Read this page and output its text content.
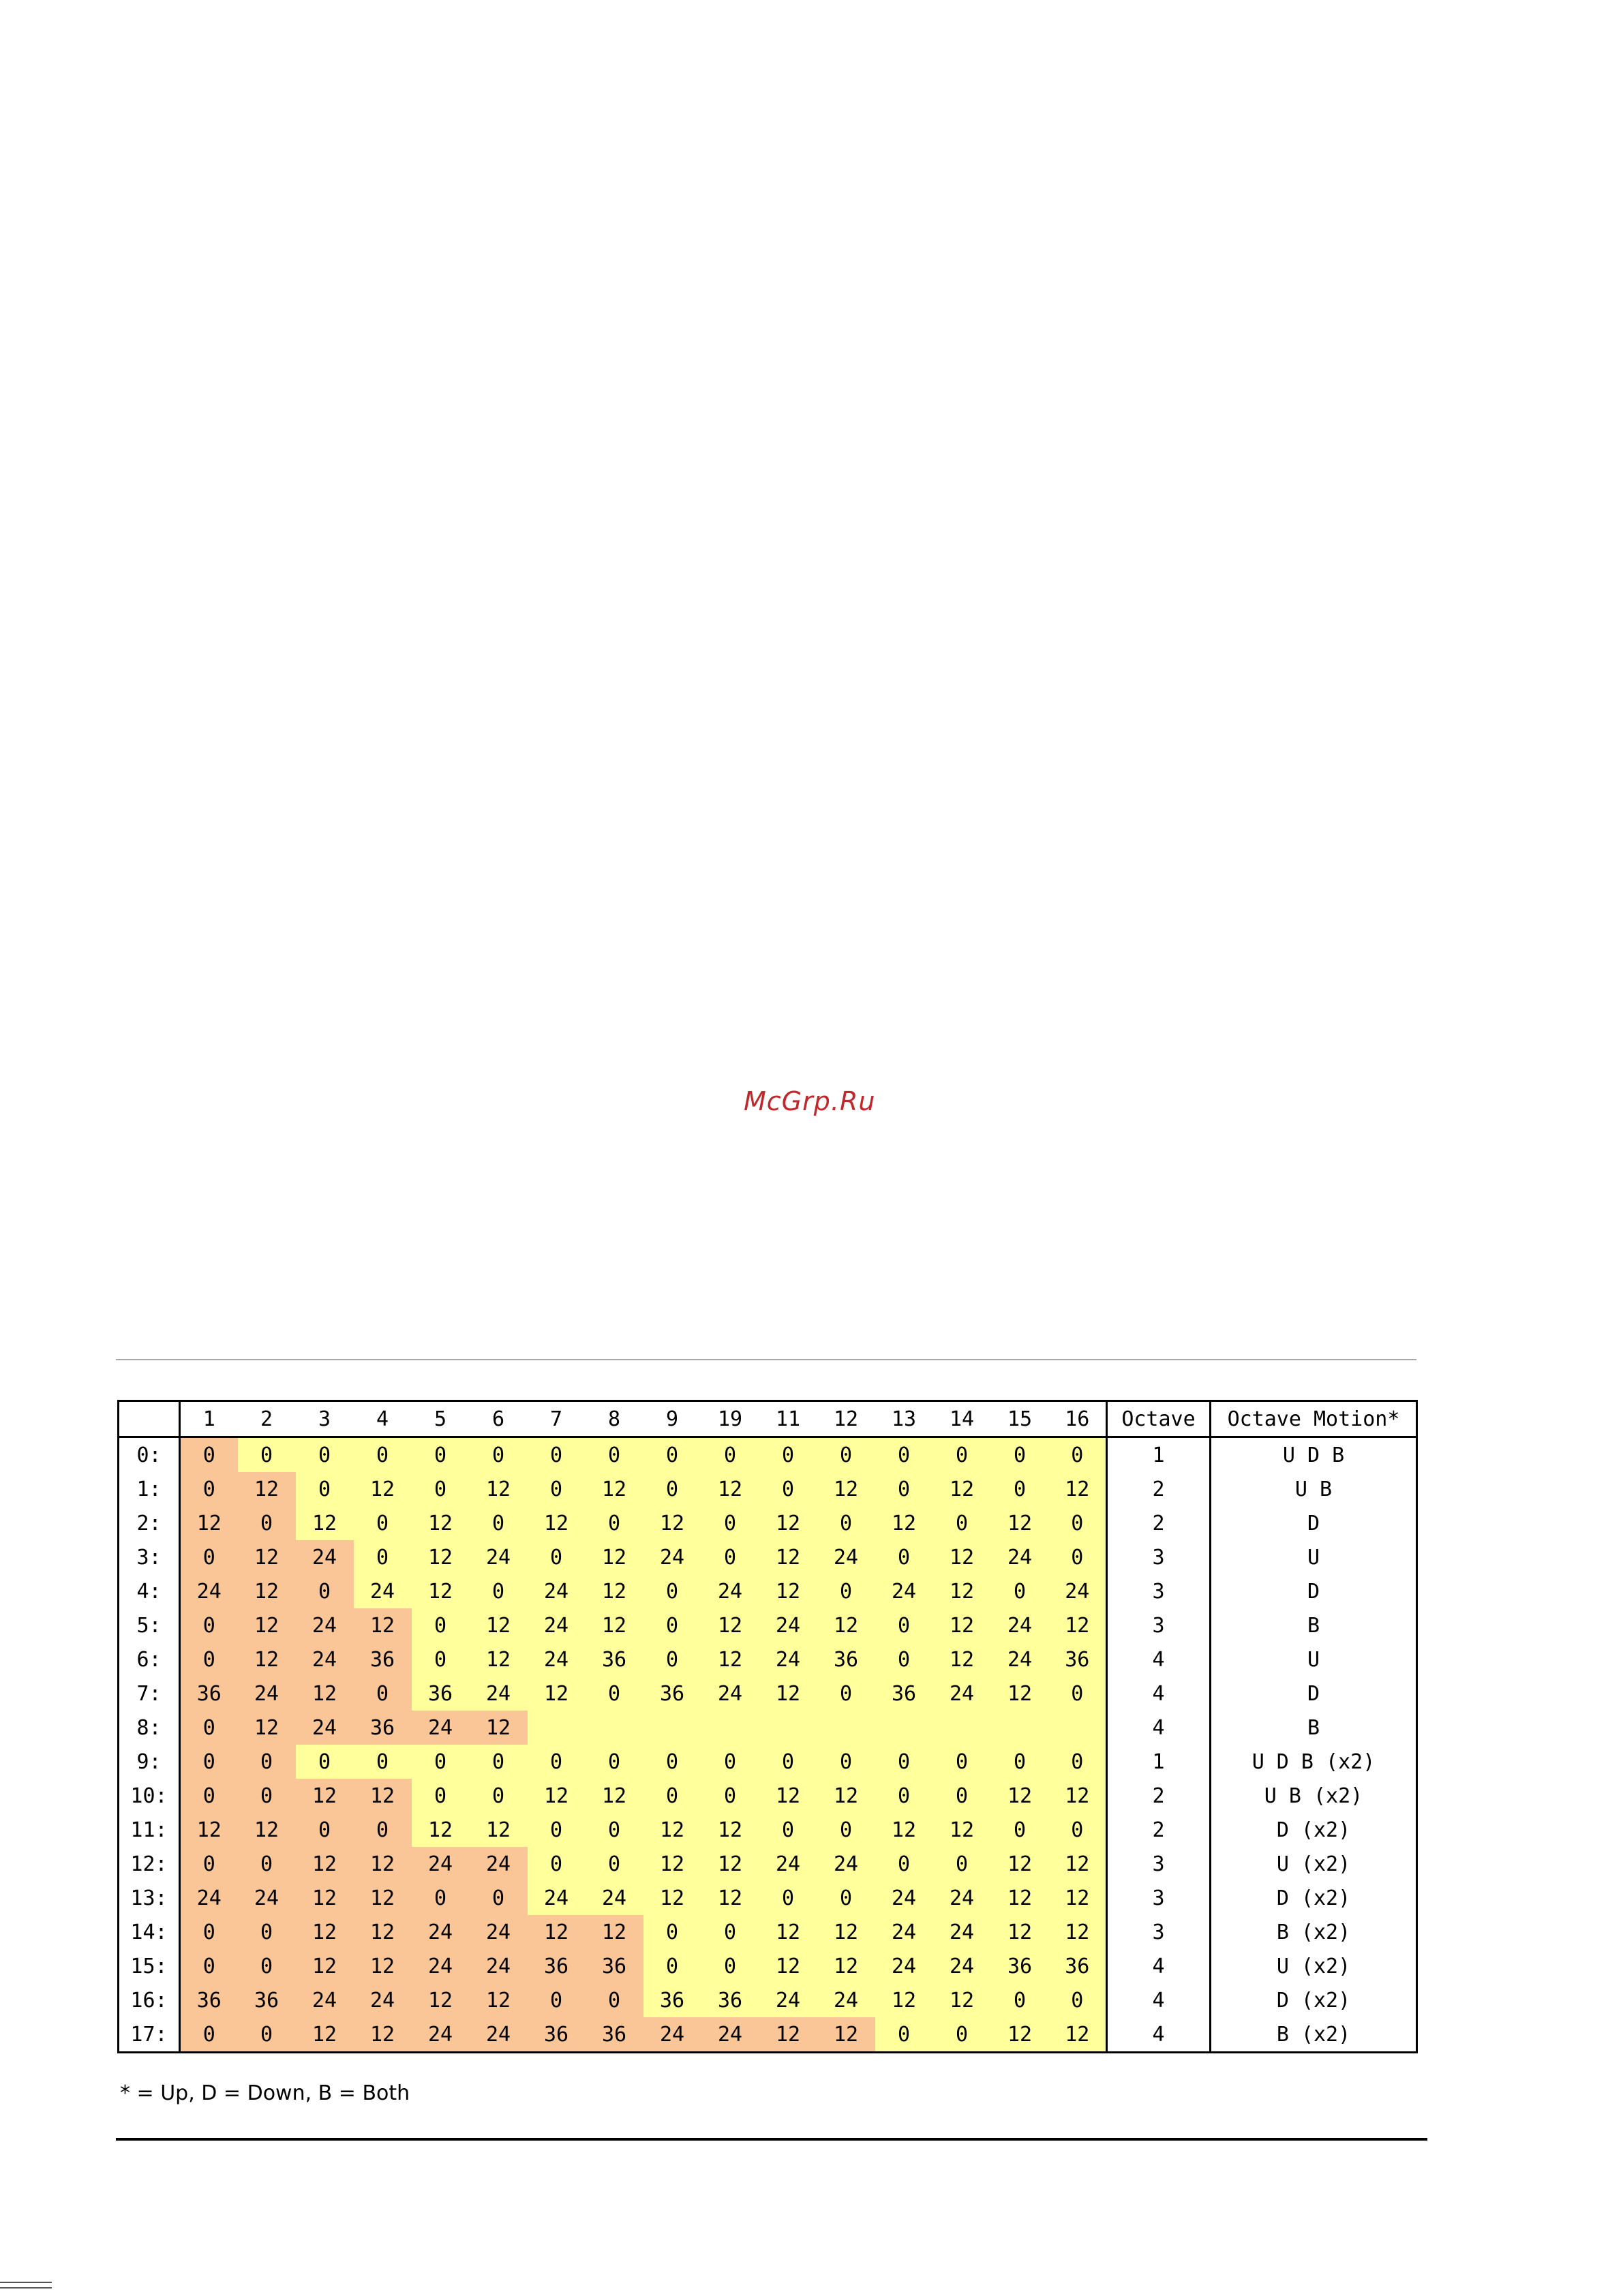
McGrp.Ru
	1	2	3	4	5	6	7	8	9	19	11	12	13	14	15	16	Octave	Octave Motion*
0:	0	0	0	0	0	0	0	0	0	0	0	0	0	0	0	0	1	U D B
1:	0	12	0	12	0	12	0	12	0	12	0	12	0	12	0	12	2	U B
2:	12	0	12	0	12	0	12	0	12	0	12	0	12	0	12	0	2	D
3:	0	12	24	0	12	24	0	12	24	0	12	24	0	12	24	0	3	U
4:	24	12	0	24	12	0	24	12	0	24	12	0	24	12	0	24	3	D
5:	0	12	24	12	0	12	24	12	0	12	24	12	0	12	24	12	3	B
6:	0	12	24	36	0	12	24	36	0	12	24	36	0	12	24	36	4	U
7:	36	24	12	0	36	24	12	0	36	24	12	0	36	24	12	0	4	D
8:	0	12	24	36	24	12											4	B
9:	0	0	0	0	0	0	0	0	0	0	0	0	0	0	0	0	1	U D B (x2)
10:	0	0	12	12	0	0	12	12	0	0	12	12	0	0	12	12	2	U B (x2)
11:	12	12	0	0	12	12	0	0	12	12	0	0	12	12	0	0	2	D (x2)
12:	0	0	12	12	24	24	0	0	12	12	24	24	0	0	12	12	3	U (x2)
13:	24	24	12	12	0	0	24	24	12	12	0	0	24	24	12	12	3	D (x2)
14:	0	0	12	12	24	24	12	12	0	0	12	12	24	24	12	12	3	B (x2)
15:	0	0	12	12	24	24	36	36	0	0	12	12	24	24	36	36	4	U (x2)
16:	36	36	24	24	12	12	0	0	36	36	24	24	12	12	0	0	4	D (x2)
17:	0	0	12	12	24	24	36	36	24	24	12	12	0	0	12	12	4	B (x2)
* = Up, D = Down, B = Both
